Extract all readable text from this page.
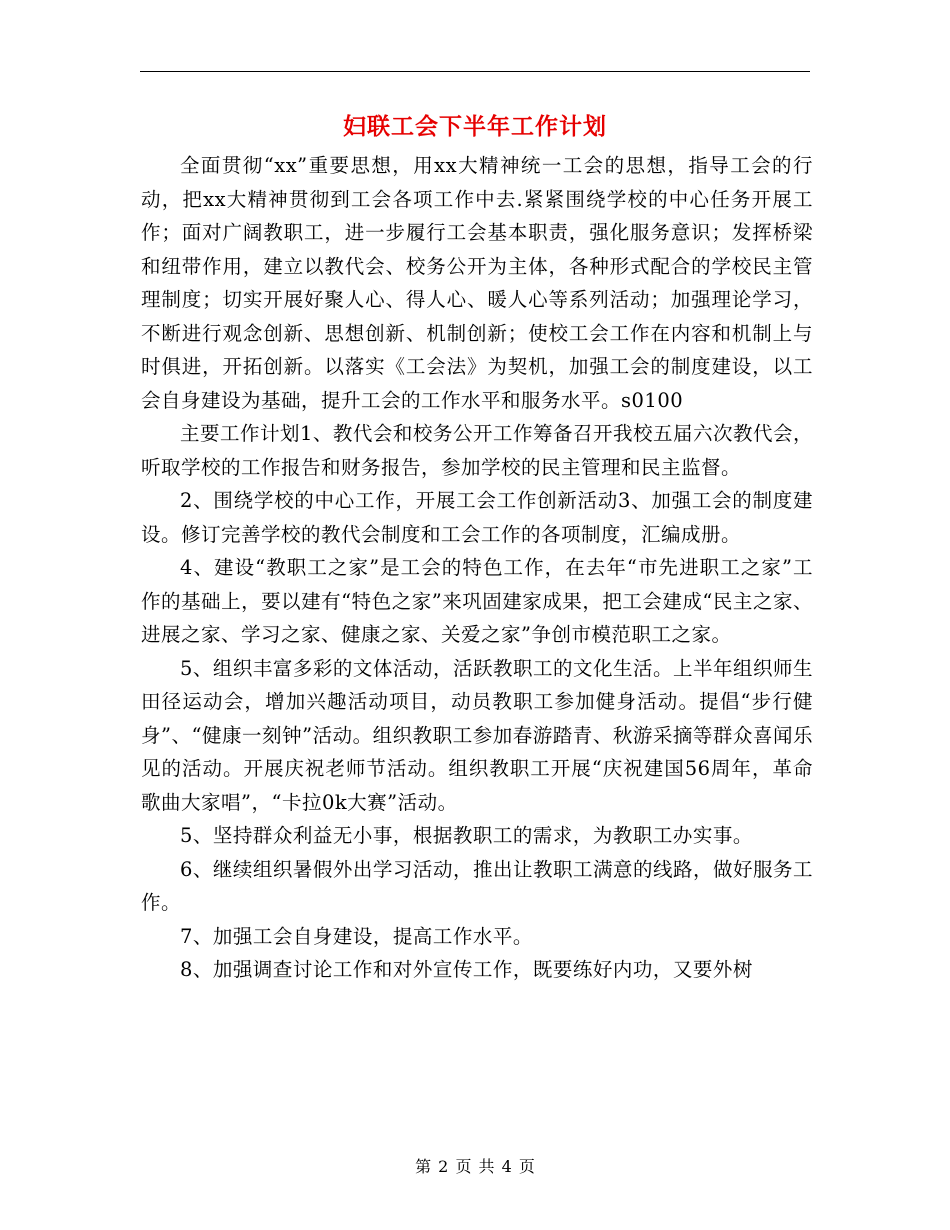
妇联工会下半年工作计划

全面贯彻“xx”重要思想，用xx大精神统一工会的思想，指导工会的行动，把xx大精神贯彻到工会各项工作中去.紧紧围绕学校的中心任务开展工作；面对广阔教职工，进一步履行工会基本职责，强化服务意识；发挥桥梁和纽带作用，建立以教代会、校务公开为主体，各种形式配合的学校民主管理制度；切实开展好聚人心、得人心、暖人心等系列活动；加强理论学习，不断进行观念创新、思想创新、机制创新；使校工会工作在内容和机制上与时俱进，开拓创新。以落实《工会法》为契机，加强工会的制度建设，以工会自身建设为基础，提升工会的工作水平和服务水平。s0100

主要工作计划1、教代会和校务公开工作筹备召开我校五届六次教代会，听取学校的工作报告和财务报告，参加学校的民主管理和民主监督。

2、围绕学校的中心工作，开展工会工作创新活动3、加强工会的制度建设。修订完善学校的教代会制度和工会工作的各项制度，汇编成册。

4、建设“教职工之家”是工会的特色工作，在去年“市先进职工之家”工作的基础上，要以建有“特色之家”来巩固建家成果，把工会建成“民主之家、进展之家、学习之家、健康之家、关爱之家”争创市模范职工之家。

5、组织丰富多彩的文体活动，活跃教职工的文化生活。上半年组织师生田径运动会，增加兴趣活动项目，动员教职工参加健身活动。提倡“步行健身”、“健康一刻钟”活动。组织教职工参加春游踏青、秋游采摘等群众喜闻乐见的活动。开展庆祝老师节活动。组织教职工开展“庆祝建国56周年，革命歌曲大家唱”，“卡拉0k大赛”活动。

5、坚持群众利益无小事，根据教职工的需求，为教职工办实事。

6、继续组织暑假外出学习活动，推出让教职工满意的线路，做好服务工作。

7、加强工会自身建设，提高工作水平。

8、加强调查讨论工作和对外宣传工作，既要练好内功，又要外树

第 2 页 共 4 页
